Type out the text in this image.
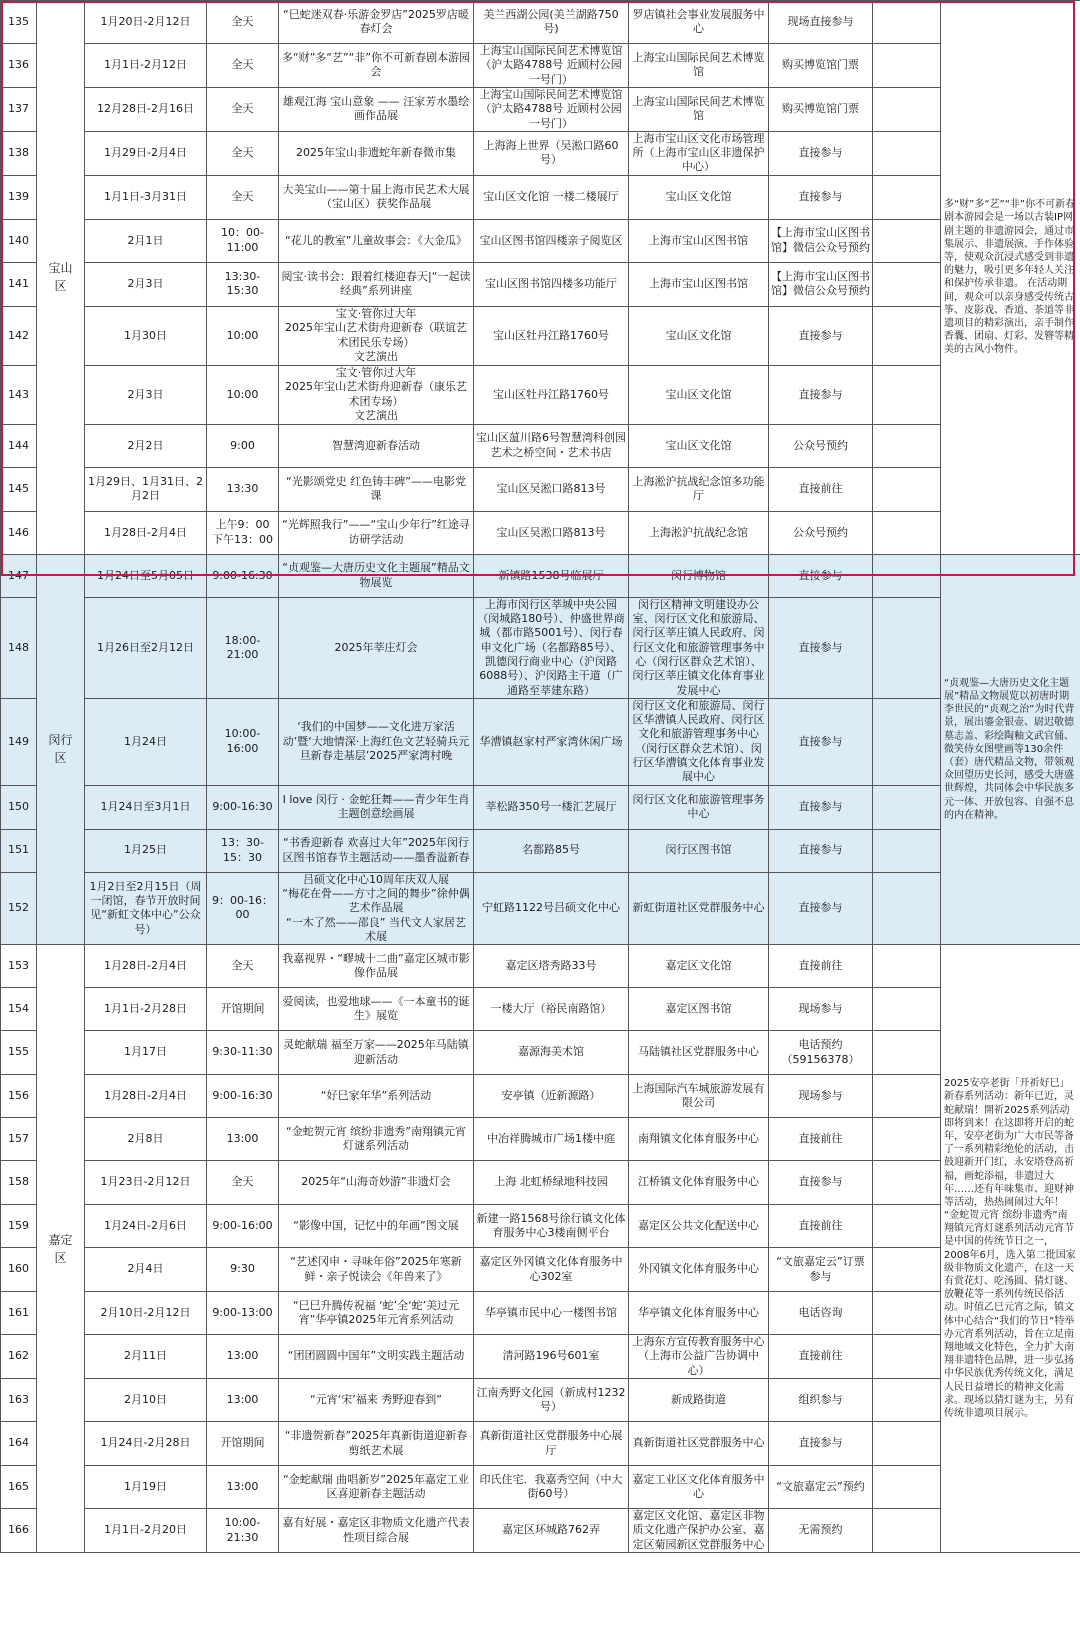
135	宝山区	1月20日-2月12日	全天	“巳蛇迷双春·乐游金罗店”2025罗店暖春灯会	美兰西湖公园(美兰湖路750号)	罗店镇社会事业发展服务中心	现场直接参与		多“财”多“艺”“非”你不可新春剧本游园会是一场以古装IP网剧主题的非遗游园会，通过市集展示、非遗展演、手作体验等，使观众沉浸式感受到非遗的魅力，吸引更多年轻人关注和保护传承非遗。 在活动期间，观众可以亲身感受传统古筝、皮影戏、香道、茶道等非遗项目的精彩演出，亲手制作香囊、团扇、灯彩、发簪等精美的古风小物件。
136		1月1日-2月12日	全天	多“财”多“艺”“非”你不可新春剧本游园会	上海宝山国际民间艺术博览馆（沪太路4788号 近顾村公园一号门）	上海宝山国际民间艺术博览馆	购买博览馆门票		
137		12月28日-2月16日	全天	雄观江海 宝山意象 —— 汪家芳水墨绘画作品展	上海宝山国际民间艺术博览馆（沪太路4788号 近顾村公园一号门）	上海宝山国际民间艺术博览馆	购买博览馆门票		
138		1月29日-2月4日	全天	2025年宝山非遗蛇年新春微市集	上海海上世界（吴淞口路60号）	上海市宝山区文化市场管理所（上海市宝山区非遗保护中心）	直接参与		
139		1月1日-3月31日	全天	大美宝山——第十届上海市民艺术大展（宝山区）获奖作品展	宝山区文化馆 一楼二楼展厅	宝山区文化馆	直接参与		
140		2月1日	10：00-11:00	“花儿的教室”儿童故事会：《大金瓜》	宝山区图书馆四楼亲子阅览区	上海市宝山区图书馆	【上海市宝山区图书馆】微信公众号预约		
141		2月3日	13:30-15:30	阅宝·读书会：跟着红楼迎春天|“一起读经典”系列讲座	宝山区图书馆四楼多功能厅	上海市宝山区图书馆	【上海市宝山区图书馆】微信公众号预约		
142		1月30日	10:00	宝文·管你过大年
2025年宝山艺术街舟迎新春（联谊艺术团民乐专场）
文艺演出	宝山区牡丹江路1760号	宝山区文化馆	直接参与		
143		2月3日	10:00	宝文·管你过大年
2025年宝山艺术街舟迎新春（康乐艺术团专场）
文艺演出	宝山区牡丹江路1760号	宝山区文化馆	直接参与		
144		2月2日	9:00	智慧湾迎新春活动	宝山区蕰川路6号智慧湾科创园艺术之桥空间・艺术书店	宝山区文化馆	公众号预约		
145		1月29日、1月31日、2月2日	13:30	“光影颂党史 红色铸丰碑”——电影党课	宝山区吴淞口路813号	上海淞沪抗战纪念馆多功能厅	直接前往		
146		1月28日-2月4日	上午9：00
下午13：00	“光辉照我行”——“宝山少年行”红途寻访研学活动	宝山区吴淞口路813号	上海淞沪抗战纪念馆	公众号预约		
147	闵行区	1月24日至5月05日	9:00-16:30	“贞观鉴—大唐历史文化主题展”精品文物展览	新镇路1538号临展厅	闵行博物馆	直接参与		“贞观鉴—大唐历史文化主题展”精品文物展览以初唐时期李世民的“贞观之治”为时代背景，展出鎏金银壶、尉迟敬德墓志盖、彩绘陶釉文武官俑、微笑侍女图壁画等130余件（套）唐代精品文物，带领观众回望历史长河，感受大唐盛世辉煌，共同体会中华民族多元一体、开放包容、自强不息的内在精神。
148		1月26日至2月12日	18:00-21:00	2025年莘庄灯会	上海市闵行区莘城中央公园（闵城路180号）、仲盛世界商城（都市路5001号）、闵行春申文化广场（名都路85号）、凯德闵行商业中心（沪闵路6088号）、沪闵路主干道（广通路至莘建东路）	闵行区精神文明建设办公室、闵行区文化和旅游局、闵行区莘庄镇人民政府、闵行区文化和旅游管理事务中心（闵行区群众艺术馆）、闵行区莘庄镇文化体育事业发展中心	直接参与		
149		1月24日	10:00-16:00	‘我们的中国梦——文化进万家活动’暨‘大地情深·上海红色文艺轻骑兵元旦新春走基层’2025严家湾村晚	华漕镇赵家村严家湾休闲广场	闵行区文化和旅游局、闵行区华漕镇人民政府、闵行区文化和旅游管理事务中心（闵行区群众艺术馆）、闵行区华漕镇文化体育事业发展中心	直接参与		
150		1月24日至3月1日	9:00-16:30	I love 闵行 · 金蛇狂舞——青少年生肖主题创意绘画展	莘松路350号一楼汇艺展厅	闵行区文化和旅游管理事务中心	直接参与		
151		1月25日	13：30-15：30	“书香迎新春 欢喜过大年”2025年闵行区图书馆春节主题活动——墨香溢新春	名都路85号	闵行区图书馆	直接参与		
152		1月2日至2月15日（周一闭馆，春节开放时间见“新虹文体中心”公众号）	9：00-16：00	吕硕文化中心10周年庆双人展
“梅花在骨——方寸之间的舞步”徐仲偶艺术作品展
“一木了然——邵良” 当代文人家居艺术展	宁虹路1122号吕硕文化中心	新虹街道社区党群服务中心	直接参与		
153	嘉定区	1月28日-2月4日	全天	我嘉视界・“疁城十二曲”嘉定区城市影像作品展	嘉定区塔秀路33号	嘉定区文化馆	直接前往		2025安亭老街「开祈好巳」新春系列活动：新年已近，灵蛇献瑞！開祈2025系列活动即将到来！在这即将开启的蛇年，安亭老街为广大市民等备了一系列精彩绝伦的活动，击鼓迎新开门红，永安塔登高祈福，画蛇添福，非遗过大年……还有年味集市、迎财神等活动，热热闹闹过大年！
“金蛇贺元宵 缤纷非遗秀”南翔镇元宵灯谜系列活动元宵节是中国的传统节日之一，2008年6月，选入第二批国家级非物质文化遗产，在这一天有赏花灯、吃汤圆、猜灯谜、放鞭花等一系列传统民俗活动。时值乙巳元宵之际，镇文体中心结合“我们的节日”特举办元宵系列活动，旨在立足南翔地域文化特色，全力扩大南翔非遗特色品牌，进一步弘扬中华民族优秀传统文化，满足人民日益增长的精神文化需求。现场以猜灯谜为主，另有传统非遗项目展示。
154		1月1日-2月28日	开馆期间	爱阅读，也爱地球——《一本童书的诞生》展览	一楼大厅（裕民南路馆）	嘉定区图书馆	现场参与		
155		1月17日	9:30-11:30	灵蛇献瑞 福至万家——2025年马陆镇迎新活动	嘉源海美术馆	马陆镇社区党群服务中心	电话预约（59156378）		
156		1月28日-2月4日	9:00-16:30	“好巳家年华”系列活动	安亭镇（近新源路）	上海国际汽车城旅游发展有限公司	现场参与		
157		2月8日	13:00	“金蛇贺元宵 缤纷非遗秀”南翔镇元宵灯谜系列活动	中冶祥腾城市广场1楼中庭	南翔镇文化体育服务中心	直接前往		
158		1月23日-2月12日	全天	2025年“山海奇妙游”非遗灯会	上海 北虹桥绿地科技园	江桥镇文化体育服务中心	直接参与		
159		1月24日-2月6日	9:00-16:00	“影像中国，记忆中的年画”图文展	新建一路1568号徐行镇文化体育服务中心3楼南侧平台	嘉定区公共文化配送中心	直接前往		
160		2月4日	9:30	“艺述冈申・寻味年俗”2025年寒新鲜・亲子悦读会《年兽来了》	嘉定区外冈镇文化体育服务中心302室	外冈镇文化体育服务中心	“文旅嘉定云”订票参与		
161		2月10日-2月12日	9:00-13:00	“巳巳升腾传祝福 ‘蛇’全‘蛇’美过元宵”华亭镇2025年元宵系列活动	华亭镇市民中心一楼图书馆	华亭镇文化体育服务中心	电话咨询		
162		2月11日	13:00	“团团圆圆中国年”文明实践主题活动	清河路196号601室	上海东方宣传教育服务中心（上海市公益广告协调中心）	直接前往		
163		2月10日	13:00	“元宵‘宋’福来 秀野迎春到”	江南秀野文化园（新成村1232号）	新成路街道	组织参与		
164		1月24日-2月28日	开馆期间	“非遗贺新春”2025年真新街道迎新春剪纸艺术展	真新街道社区党群服务中心展厅	真新街道社区党群服务中心	直接参与		
165		1月19日	13:00	“金蛇献瑞 曲唱新岁”2025年嘉定工业区喜迎新春主题活动	印氏住宅．我嘉秀空间（中大街60号）	嘉定工业区文化体育服务中心	“文旅嘉定云”预约		
166		1月1日-2月20日	10:00-21:30	嘉有好展・嘉定区非物质文化遗产代表性项目综合展	嘉定区环城路762弄	嘉定区文化馆、嘉定区非物质文化遗产保护办公室、嘉定区菊园新区党群服务中心	无需预约		
